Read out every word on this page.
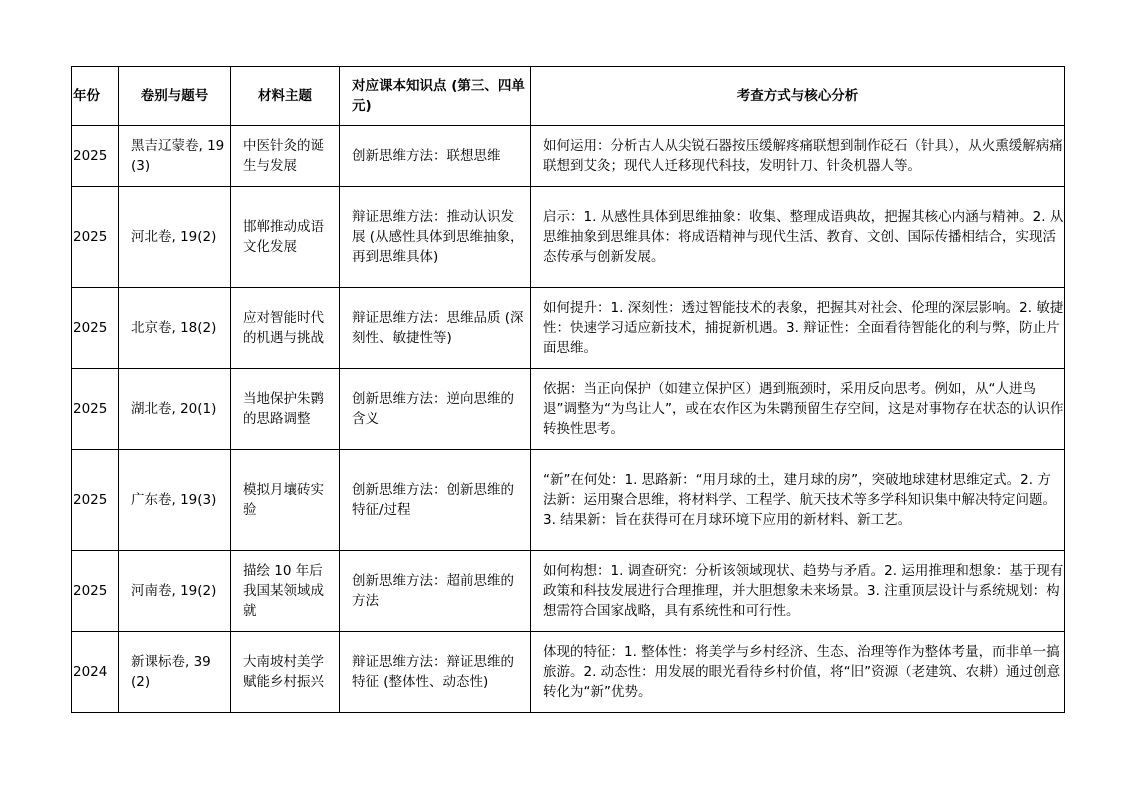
年份	卷别与题号	材料主题	对应课本知识点 (第三、四单元)	考查方式与核心分析
2025	黑吉辽蒙卷, 19(3)	中医针灸的诞生与发展	创新思维方法：联想思维	如何运用：分析古人从尖锐石器按压缓解疼痛联想到制作砭石（针具），从火熏缓解病痛联想到艾灸；现代人迁移现代科技，发明针刀、针灸机器人等。
2025	河北卷, 19(2)	邯郸推动成语文化发展	辩证思维方法：推动认识发展 (从感性具体到思维抽象，再到思维具体)	启示：1. 从感性具体到思维抽象：收集、整理成语典故，把握其核心内涵与精神。2. 从思维抽象到思维具体：将成语精神与现代生活、教育、文创、国际传播相结合，实现活态传承与创新发展。
2025	北京卷, 18(2)	应对智能时代的机遇与挑战	辩证思维方法：思维品质 (深刻性、敏捷性等)	如何提升：1. 深刻性：透过智能技术的表象，把握其对社会、伦理的深层影响。2. 敏捷性：快速学习适应新技术，捕捉新机遇。3. 辩证性：全面看待智能化的利与弊，防止片面思维。
2025	湖北卷, 20(1)	当地保护朱鹮的思路调整	创新思维方法：逆向思维的含义	依据：当正向保护（如建立保护区）遇到瓶颈时，采用反向思考。例如，从“人进鸟退”调整为“为鸟让人”，或在农作区为朱鹮预留生存空间，这是对事物存在状态的认识作转换性思考。
2025	广东卷, 19(3)	模拟月壤砖实验	创新思维方法：创新思维的特征/过程	“新”在何处：1. 思路新：“用月球的土，建月球的房”，突破地球建材思维定式。2. 方法新：运用聚合思维，将材料学、工程学、航天技术等多学科知识集中解决特定问题。3. 结果新：旨在获得可在月球环境下应用的新材料、新工艺。
2025	河南卷, 19(2)	描绘 10 年后我国某领域成就	创新思维方法：超前思维的方法	如何构想：1. 调查研究：分析该领域现状、趋势与矛盾。2. 运用推理和想象：基于现有政策和科技发展进行合理推理，并大胆想象未来场景。3. 注重顶层设计与系统规划：构想需符合国家战略，具有系统性和可行性。
2024	新课标卷, 39(2)	大南坡村美学赋能乡村振兴	辩证思维方法：辩证思维的特征 (整体性、动态性)	体现的特征：1. 整体性：将美学与乡村经济、生态、治理等作为整体考量，而非单一搞旅游。2. 动态性：用发展的眼光看待乡村价值，将“旧”资源（老建筑、农耕）通过创意转化为“新”优势。
